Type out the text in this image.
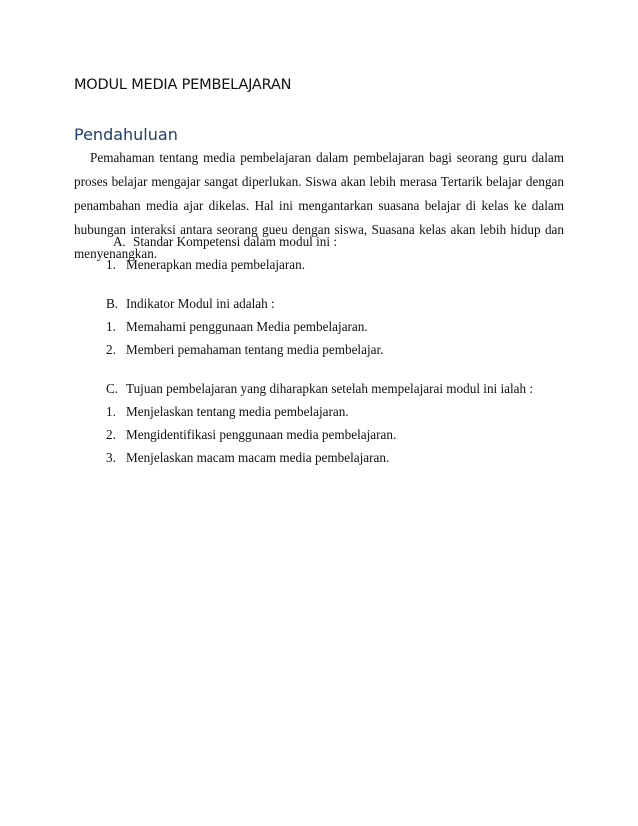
MODUL MEDIA PEMBELAJARAN
Pendahuluan
Pemahaman tentang media pembelajaran dalam pembelajaran bagi seorang guru dalam proses belajar mengajar sangat diperlukan. Siswa akan lebih merasa Tertarik belajar dengan penambahan media ajar dikelas. Hal ini mengantarkan suasana belajar di kelas ke dalam hubungan interaksi antara seorang gueu dengan siswa, Suasana kelas akan lebih hidup dan menyenangkan.
A. Standar Kompetensi dalam modul ini :
1. Menerapkan media pembelajaran.
B. Indikator Modul ini adalah :
1. Memahami penggunaan Media pembelajaran.
2. Memberi pemahaman tentang media pembelajar.
C. Tujuan pembelajaran yang diharapkan setelah mempelajarai modul ini ialah :
1. Menjelaskan tentang media pembelajaran.
2. Mengidentifikasi penggunaan media pembelajaran.
3. Menjelaskan macam macam media pembelajaran.
